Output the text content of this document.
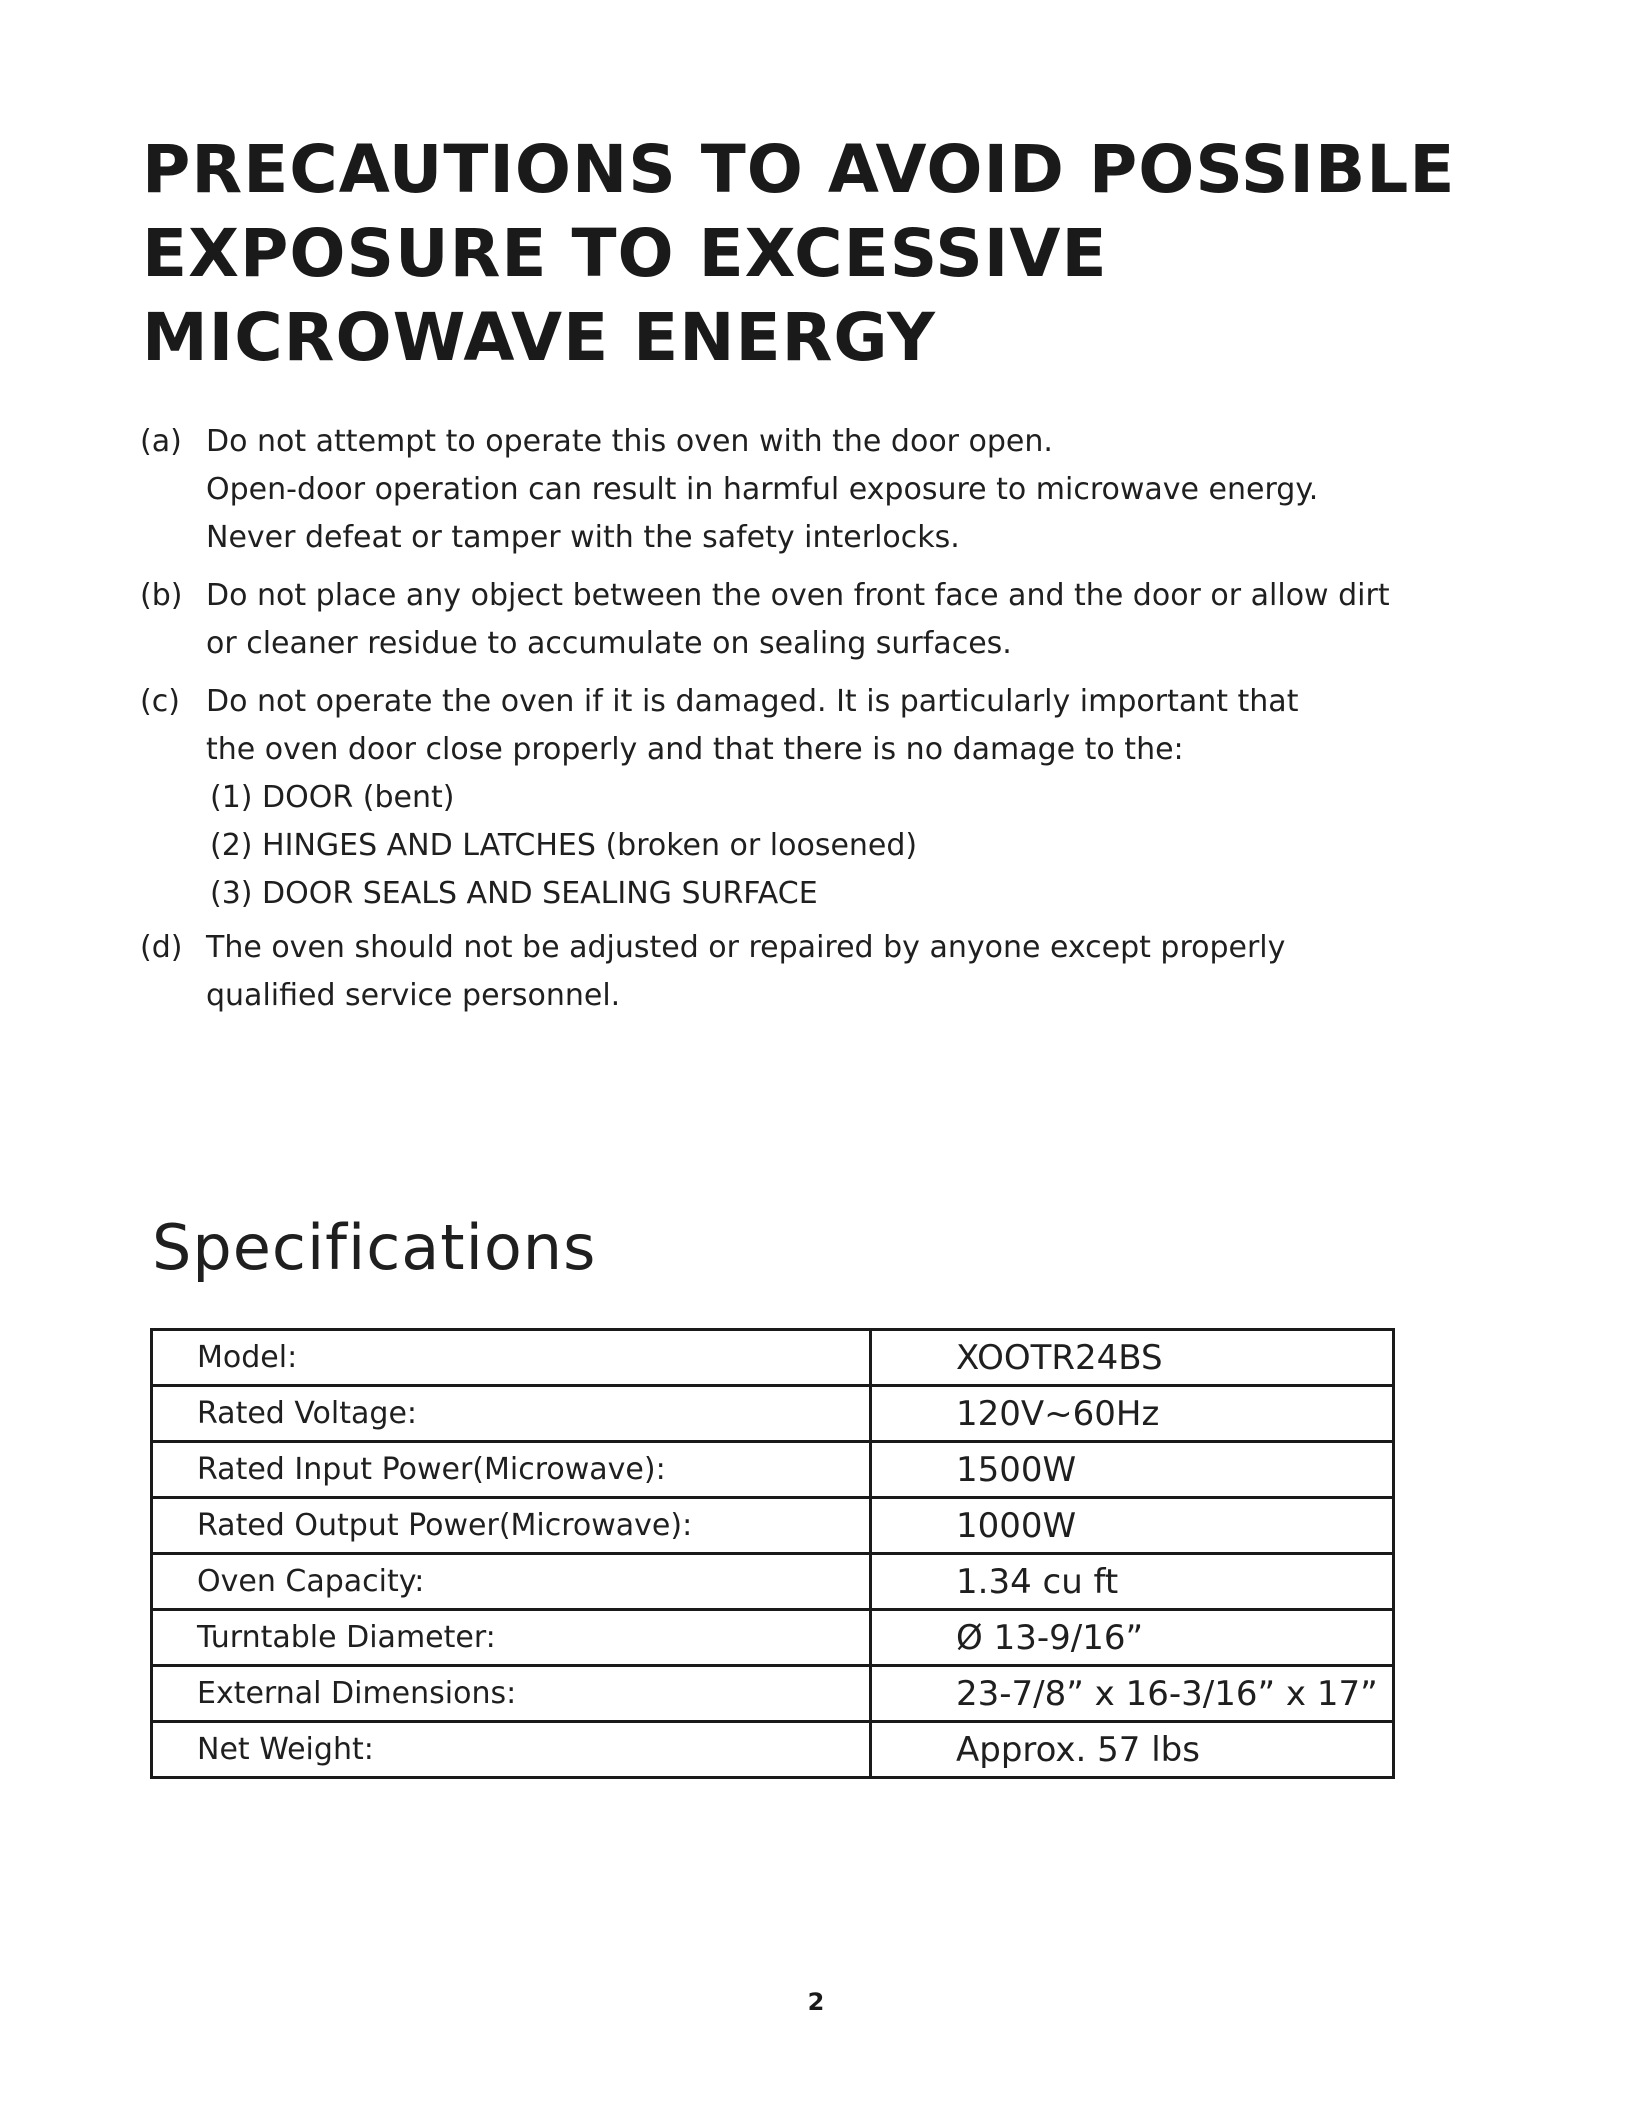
PRECAUTIONS TO AVOID POSSIBLE
EXPOSURE TO EXCESSIVE
MICROWAVE ENERGY
(a) Do not attempt to operate this oven with the door open.
Open-door operation can result in harmful exposure to microwave energy.
Never defeat or tamper with the safety interlocks.
(b) Do not place any object between the oven front face and the door or allow dirt
or cleaner residue to accumulate on sealing surfaces.
(c) Do not operate the oven if it is damaged. It is particularly important that
the oven door close properly and that there is no damage to the:
(1) DOOR (bent)
(2) HINGES AND LATCHES (broken or loosened)
(3) DOOR SEALS AND SEALING SURFACE
(d) The oven should not be adjusted or repaired by anyone except properly
qualified service personnel.
Specifications
Model:	XOOTR24BS
Rated Voltage:	120V~60Hz
Rated Input Power(Microwave):	1500W
Rated Output Power(Microwave):	1000W
Oven Capacity:	1.34 cu ft
Turntable Diameter:	Ø 13-9/16”
External Dimensions:	23-7/8” x 16-3/16” x 17”
Net Weight:	Approx. 57 lbs
2
